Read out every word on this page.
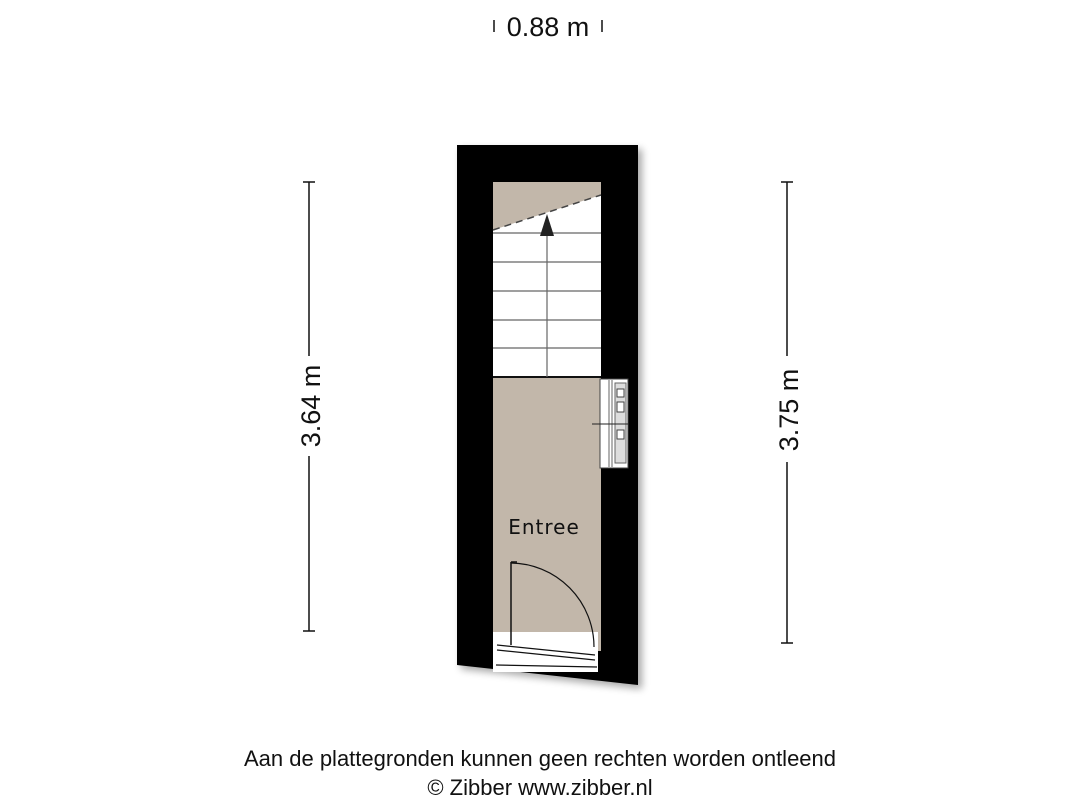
0.88 m
3.64 m	3.75 m
Entree
Aan de plattegronden kunnen geen rechten worden ontleend
© Zibber www.zibber.nl
